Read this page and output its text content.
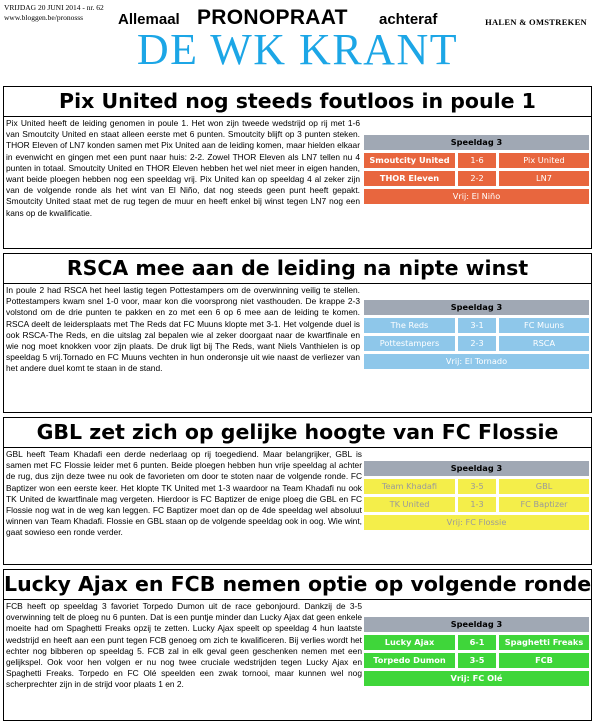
VRIJDAG 20 JUNI 2014 - nr. 62
www.bloggen.be/pronosss Allemaal PRONOPRAAT achteraf	HALEN & OMSTREKEN
DE WK KRANT
Pix United nog steeds foutloos in poule 1
Pix United heeft de leiding genomen in poule 1. Het won zijn tweede wedstrijd op rij met 1-6 van Smoutcity United en staat alleen eerste met 6 punten. Smoutcity blijft op 3 punten steken. THOR Eleven of LN7 konden samen met Pix United aan de leiding komen, maar hielden elkaar in evenwicht en gingen met een punt naar huis: 2-2. Zowel THOR Eleven als LN7 tellen nu 4 punten in totaal. Smoutcity United en THOR Eleven hebben het wel niet meer in eigen handen, want beide ploegen hebben nog een speeldag vrij. Pix United kan op speeldag 4 al zeker zijn van de volgende ronde als het wint van El Niño, dat nog steeds geen punt heeft gepakt. Smoutcity United staat met de rug tegen de muur en heeft enkel bij winst tegen LN7 nog een kans op de kwalificatie.
Speeldag 3
Smoutcity United	1-6	Pix United
THOR Eleven	2-2	LN7
Vrij: El Niño
RSCA mee aan de leiding na nipte winst
In poule 2 had RSCA het heel lastig tegen Pottestampers om de overwinning veilig te stellen. Pottestampers kwam snel 1-0 voor, maar kon die voorsprong niet vasthouden. De krappe 2-3 volstond om de drie punten te pakken en zo met een 6 op 6 mee aan de leiding te komen. RSCA deelt de leidersplaats met The Reds dat FC Muuns klopte met 3-1. Het volgende duel is ook RSCA-The Reds, en die uitslag zal bepalen wie al zeker doorgaat naar de kwartfinale en wie nog moet knokken voor zijn plaats. De druk ligt bij The Reds, want Niels Vanthielen is op speeldag 5 vrij.Tornado en FC Muuns vechten in hun onderonsje uit wie naast de verliezer van het andere duel komt te staan in de stand.
Speeldag 3
The Reds	3-1	FC Muuns
Pottestampers	2-3	RSCA
Vrij: El Tornado
GBL zet zich op gelijke hoogte van FC Flossie
GBL heeft Team Khadafi een derde nederlaag op rij toegediend. Maar belangrijker, GBL is samen met FC Flossie leider met 6 punten. Beide ploegen hebben hun vrije speeldag al achter de rug, dus zijn deze twee nu ook de favorieten om door te stoten naar de volgende ronde. FC Baptizer won een eerste keer. Het klopte TK United met 1-3 waardoor na Team Khadafi nu ook TK United de kwartfinale mag vergeten. Hierdoor is FC Baptizer de enige ploeg die GBL en FC Flossie nog wat in de weg kan leggen. FC Baptizer moet dan op de 4de speeldag wel absoluut winnen van Team Khadafi. Flossie en GBL staan op de volgende speeldag ook in oog. Wie wint, gaat sowieso een ronde verder.
Speeldag 3
Team Khadafi	3-5	GBL
TK United	1-3	FC Baptizer
Vrij: FC Flossie
Lucky Ajax en FCB nemen optie op volgende ronde
FCB heeft op speeldag 3 favoriet Torpedo Dumon uit de race gebonjourd. Dankzij de 3-5 overwinning telt de ploeg nu 6 punten. Dat is een puntje minder dan Lucky Ajax dat geen enkele moeite had om Spaghetti Freaks opzij te zetten. Lucky Ajax speelt op speeldag 4 hun laatste wedstrijd en heeft aan een punt tegen FCB genoeg om zich te kwalificeren. Bij verlies wordt het echter nog bibberen op speeldag 5. FCB zal in elk geval geen geschenken nemen met een gelijkspel. Ook voor hen volgen er nu nog twee cruciale wedstrijden tegen Lucky Ajax en Spaghetti Freaks. Torpedo en FC Olé speelden een zwak tornooi, maar kunnen wel nog scherprechter zijn in de strijd voor plaats 1 en 2.
Speeldag 3
Lucky Ajax	6-1	Spaghetti Freaks
Torpedo Dumon	3-5	FCB
Vrij: FC Olé
